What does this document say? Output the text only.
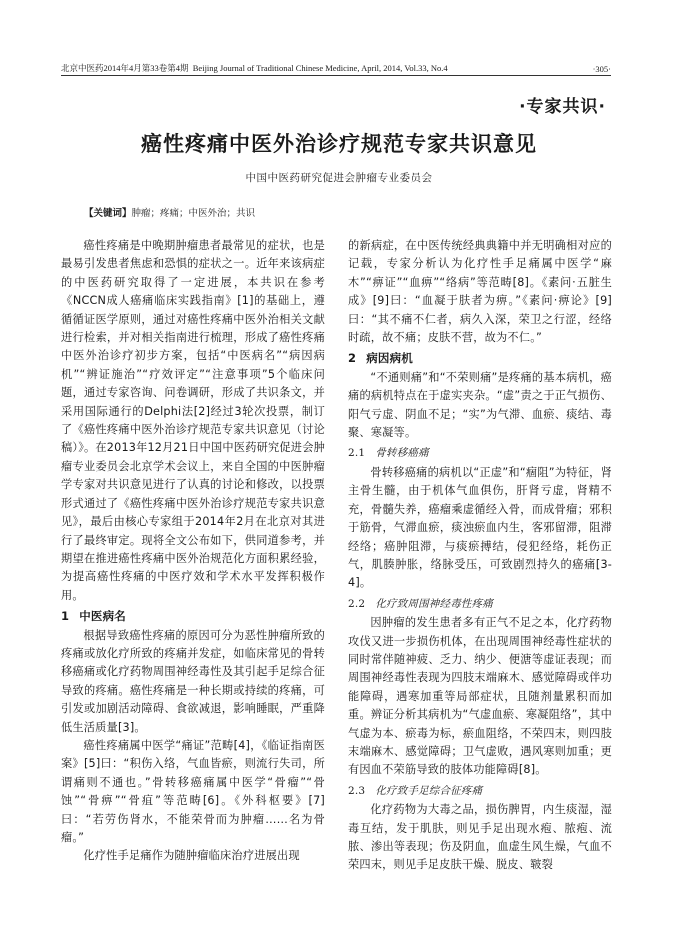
北京中医药2014年4月第33卷第4期 Beijing Journal of Traditional Chinese Medicine, April, 2014, Vol.33, No.4	·305·
·专家共识·
癌性疼痛中医外治诊疗规范专家共识意见
中国中医药研究促进会肿瘤专业委员会
【关键词】肿瘤；疼痛；中医外治；共识

癌性疼痛是中晚期肿瘤患者最常见的症状，也是最易引发患者焦虑和恐惧的症状之一。近年来该病症的中医药研究取得了一定进展，本共识在参考《NCCN成人癌痛临床实践指南》[1]的基础上，遵循循证医学原则，通过对癌性疼痛中医外治相关文献进行检索，并对相关指南进行梳理，形成了癌性疼痛中医外治诊疗初步方案，包括“中医病名”“病因病机”“辨证施治”“疗效评定”“注意事项”5个临床问题，通过专家咨询、问卷调研，形成了共识条文，并采用国际通行的Delphi法[2]经过3轮次投票，制订了《癌性疼痛中医外治诊疗规范专家共识意见（讨论稿）》。在2013年12月21日中国中医药研究促进会肿瘤专业委员会北京学术会议上，来自全国的中医肿瘤学专家对共识意见进行了认真的讨论和修改，以投票形式通过了《癌性疼痛中医外治诊疗规范专家共识意见》，最后由核心专家组于2014年2月在北京对其进行了最终审定。现将全文公布如下，供同道参考，并期望在推进癌性疼痛中医外治规范化方面积累经验，为提高癌性疼痛的中医疗效和学术水平发挥积极作用。

1 中医病名

根据导致癌性疼痛的原因可分为恶性肿瘤所致的疼痛或放化疗所致的疼痛并发症，如临床常见的骨转移癌痛或化疗药物周围神经毒性及其引起手足综合征导致的疼痛。癌性疼痛是一种长期或持续的疼痛，可引发或加剧活动障碍、食欲减退，影响睡眠，严重降低生活质量[3]。

癌性疼痛属中医学“痛证”范畴[4]，《临证指南医案》[5]曰：“积伤入络，气血皆瘀，则流行失司，所谓痛则不通也。”骨转移癌痛属中医学“骨瘤”“骨蚀”“骨痹”“骨疽”等范畴[6]。《外科枢要》[7]曰：“若劳伤肾水，不能荣骨而为肿瘤……名为骨瘤。”

化疗性手足痛作为随肿瘤临床治疗进展出现

的新病症，在中医传统经典典籍中并无明确相对应的记载，专家分析认为化疗性手足痛属中医学“麻木”“痹证”“血痹”“络病”等范畴[8]。《素问·五脏生成》[9]曰：“血凝于肤者为痹。”《素问·痹论》[9]曰：“其不痛不仁者，病久入深，荣卫之行涩，经络时疏，故不痛；皮肤不营，故为不仁。”

2 病因病机

“不通则痛”和“不荣则痛”是疼痛的基本病机，癌痛的病机特点在于虚实夹杂。“虚”责之于正气损伤、阳气亏虚、阴血不足；“实”为气滞、血瘀、痰结、毒聚、寒凝等。

2.1 骨转移癌痛

骨转移癌痛的病机以“正虚”和“痼阻”为特征，肾主骨生髓，由于机体气血俱伤，肝肾亏虚，肾精不充，骨髓失养，癌瘤乘虚循经入骨，而成骨瘤；邪积于筋骨，气滞血瘀，痰浊瘀血内生，客邪留滞，阻滞经络；癌肿阻滞，与痰瘀搏结，侵犯经络，耗伤正气，肌腠肿胀，络脉受压，可致剧烈持久的癌痛[3-4]。

2.2 化疗致周围神经毒性疼痛

因肿瘤的发生患者多有正气不足之本，化疗药物攻伐又进一步损伤机体，在出现周围神经毒性症状的同时常伴随神疲、乏力、纳少、便溏等虚证表现；而周围神经毒性表现为四肢末端麻木、感觉障碍或伴功能障碍，遇寒加重等局部症状，且随剂量累积而加重。辨证分析其病机为“气虚血瘀、寒凝阻络”，其中气虚为本、瘀毒为标，瘀血阻络，不荣四末，则四肢末端麻木、感觉障碍；卫气虚败，遇风寒则加重；更有因血不荣筋导致的肢体功能障碍[8]。

2.3 化疗致手足综合征疼痛

化疗药物为大毒之品，损伤脾胃，内生痰湿，湿毒互结，发于肌肤，则见手足出现水疱、脓疱、流脓、渗出等表现；伤及阴血，血虚生风生燥，气血不荣四末，则见手足皮肤干燥、脱皮、皲裂
